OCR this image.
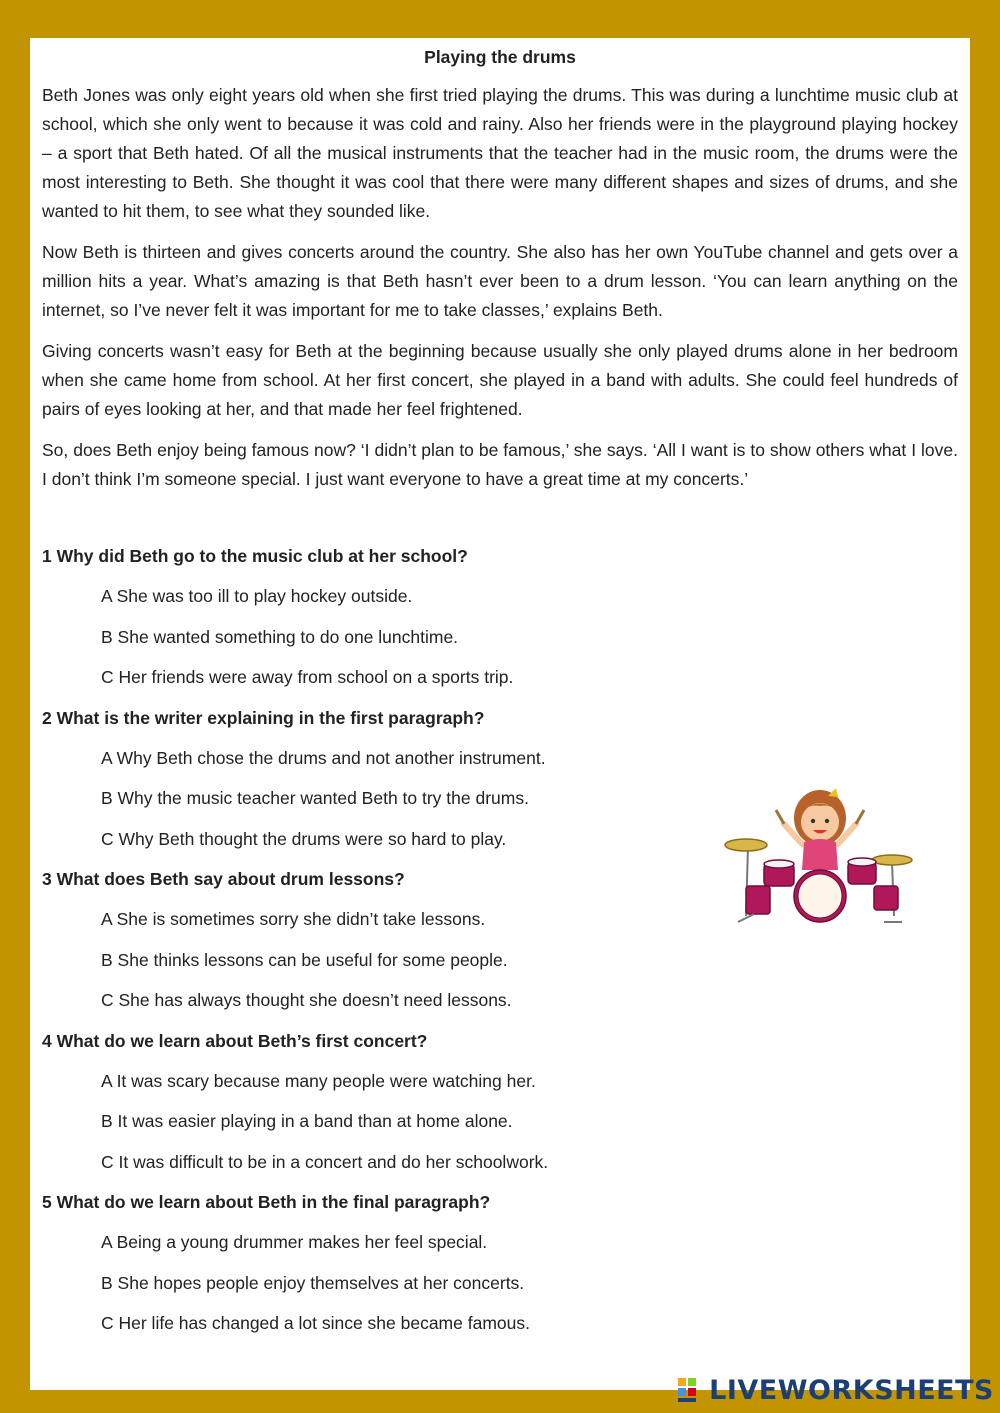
Playing the drums

Beth Jones was only eight years old when she first tried playing the drums. This was during a lunchtime music club at school, which she only went to because it was cold and rainy. Also her friends were in the playground playing hockey – a sport that Beth hated. Of all the musical instruments that the teacher had in the music room, the drums were the most interesting to Beth. She thought it was cool that there were many different shapes and sizes of drums, and she wanted to hit them, to see what they sounded like.

Now Beth is thirteen and gives concerts around the country. She also has her own YouTube channel and gets over a million hits a year. What’s amazing is that Beth hasn’t ever been to a drum lesson. ‘You can learn anything on the internet, so I’ve never felt it was important for me to take classes,’ explains Beth.

Giving concerts wasn’t easy for Beth at the beginning because usually she only played drums alone in her bedroom when she came home from school. At her first concert, she played in a band with adults. She could feel hundreds of pairs of eyes looking at her, and that made her feel frightened.

So, does Beth enjoy being famous now? ‘I didn’t plan to be famous,’ she says. ‘All I want is to show others what I love. I don’t think I’m someone special. I just want everyone to have a great time at my concerts.’

1 Why did Beth go to the music club at her school?
A She was too ill to play hockey outside.
B She wanted something to do one lunchtime.
C Her friends were away from school on a sports trip.
2 What is the writer explaining in the first paragraph?
A Why Beth chose the drums and not another instrument.
B Why the music teacher wanted Beth to try the drums.
C Why Beth thought the drums were so hard to play.
3 What does Beth say about drum lessons?
A She is sometimes sorry she didn’t take lessons.
B She thinks lessons can be useful for some people.
C She has always thought she doesn’t need lessons.
4 What do we learn about Beth’s first concert?
A It was scary because many people were watching her.
B It was easier playing in a band than at home alone.
C It was difficult to be in a concert and do her schoolwork.
5 What do we learn about Beth in the final paragraph?
A Being a young drummer makes her feel special.
B She hopes people enjoy themselves at her concerts.
C Her life has changed a lot since she became famous.
LIVEWORKSHEETS
